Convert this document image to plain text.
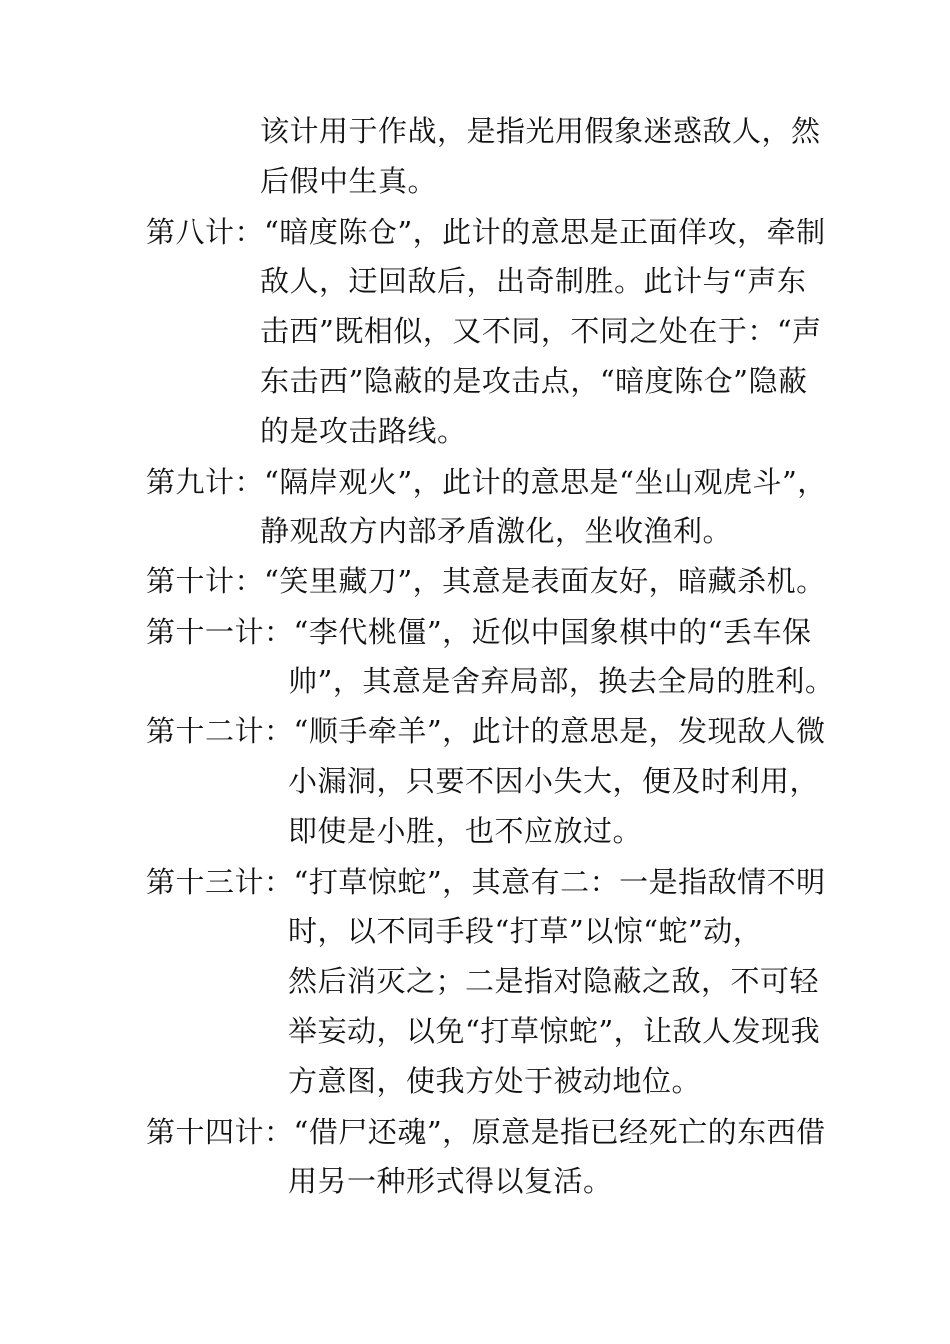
该计用于作战，是指光用假象迷惑敌人，然
后假中生真。
第八计：“暗度陈仓”，此计的意思是正面佯攻，牵制
敌人，迂回敌后，出奇制胜。此计与“声东
击西”既相似，又不同，不同之处在于：“声
东击西”隐蔽的是攻击点，“暗度陈仓”隐蔽
的是攻击路线。
第九计：“隔岸观火”，此计的意思是“坐山观虎斗”，
静观敌方内部矛盾激化，坐收渔利。
第十计：“笑里藏刀”，其意是表面友好，暗藏杀机。
第十一计：“李代桃僵”，近似中国象棋中的“丢车保
帅”，其意是舍弃局部，换去全局的胜利。
第十二计：“顺手牵羊”，此计的意思是，发现敌人微
小漏洞，只要不因小失大，便及时利用，
即使是小胜，也不应放过。
第十三计：“打草惊蛇”，其意有二：一是指敌情不明
时，以不同手段“打草”以惊“蛇”动，
然后消灭之；二是指对隐蔽之敌，不可轻
举妄动，以免“打草惊蛇”，让敌人发现我
方意图，使我方处于被动地位。
第十四计：“借尸还魂”，原意是指已经死亡的东西借
用另一种形式得以复活。
